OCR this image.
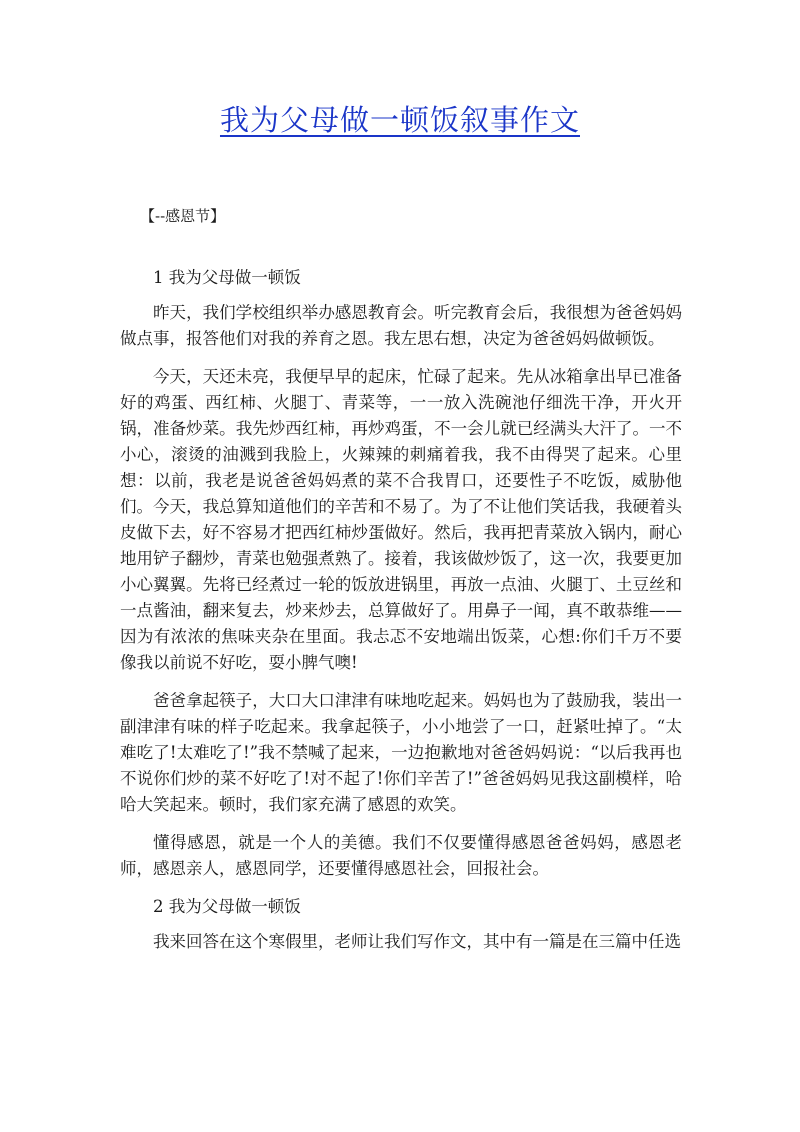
我为父母做一顿饭叙事作文
【--感恩节】

1 我为父母做一顿饭

昨天，我们学校组织举办感恩教育会。听完教育会后，我很想为爸爸妈妈做点事，报答他们对我的养育之恩。我左思右想，决定为爸爸妈妈做顿饭。

今天，天还未亮，我便早早的起床，忙碌了起来。先从冰箱拿出早已准备好的鸡蛋、西红柿、火腿丁、青菜等，一一放入洗碗池仔细洗干净，开火开锅，准备炒菜。我先炒西红柿，再炒鸡蛋，不一会儿就已经满头大汗了。一不小心，滚烫的油溅到我脸上，火辣辣的刺痛着我，我不由得哭了起来。心里想：以前，我老是说爸爸妈妈煮的菜不合我胃口，还要性子不吃饭，威胁他们。今天，我总算知道他们的辛苦和不易了。为了不让他们笑话我，我硬着头皮做下去，好不容易才把西红柿炒蛋做好。然后，我再把青菜放入锅内，耐心地用铲子翻炒，青菜也勉强煮熟了。接着，我该做炒饭了，这一次，我要更加小心翼翼。先将已经煮过一轮的饭放进锅里，再放一点油、火腿丁、土豆丝和一点酱油，翻来复去，炒来炒去，总算做好了。用鼻子一闻，真不敢恭维——因为有浓浓的焦味夹杂在里面。我忐忑不安地端出饭菜，心想:你们千万不要像我以前说不好吃，耍小脾气噢!

爸爸拿起筷子，大口大口津津有味地吃起来。妈妈也为了鼓励我，装出一副津津有味的样子吃起来。我拿起筷子，小小地尝了一口，赶紧吐掉了。“太难吃了!太难吃了!”我不禁喊了起来，一边抱歉地对爸爸妈妈说：“以后我再也不说你们炒的菜不好吃了!对不起了!你们辛苦了!”爸爸妈妈见我这副模样，哈哈大笑起来。顿时，我们家充满了感恩的欢笑。

懂得感恩，就是一个人的美德。我们不仅要懂得感恩爸爸妈妈，感恩老师，感恩亲人，感恩同学，还要懂得感恩社会，回报社会。

2 我为父母做一顿饭

我来回答在这个寒假里，老师让我们写作文，其中有一篇是在三篇中任选
